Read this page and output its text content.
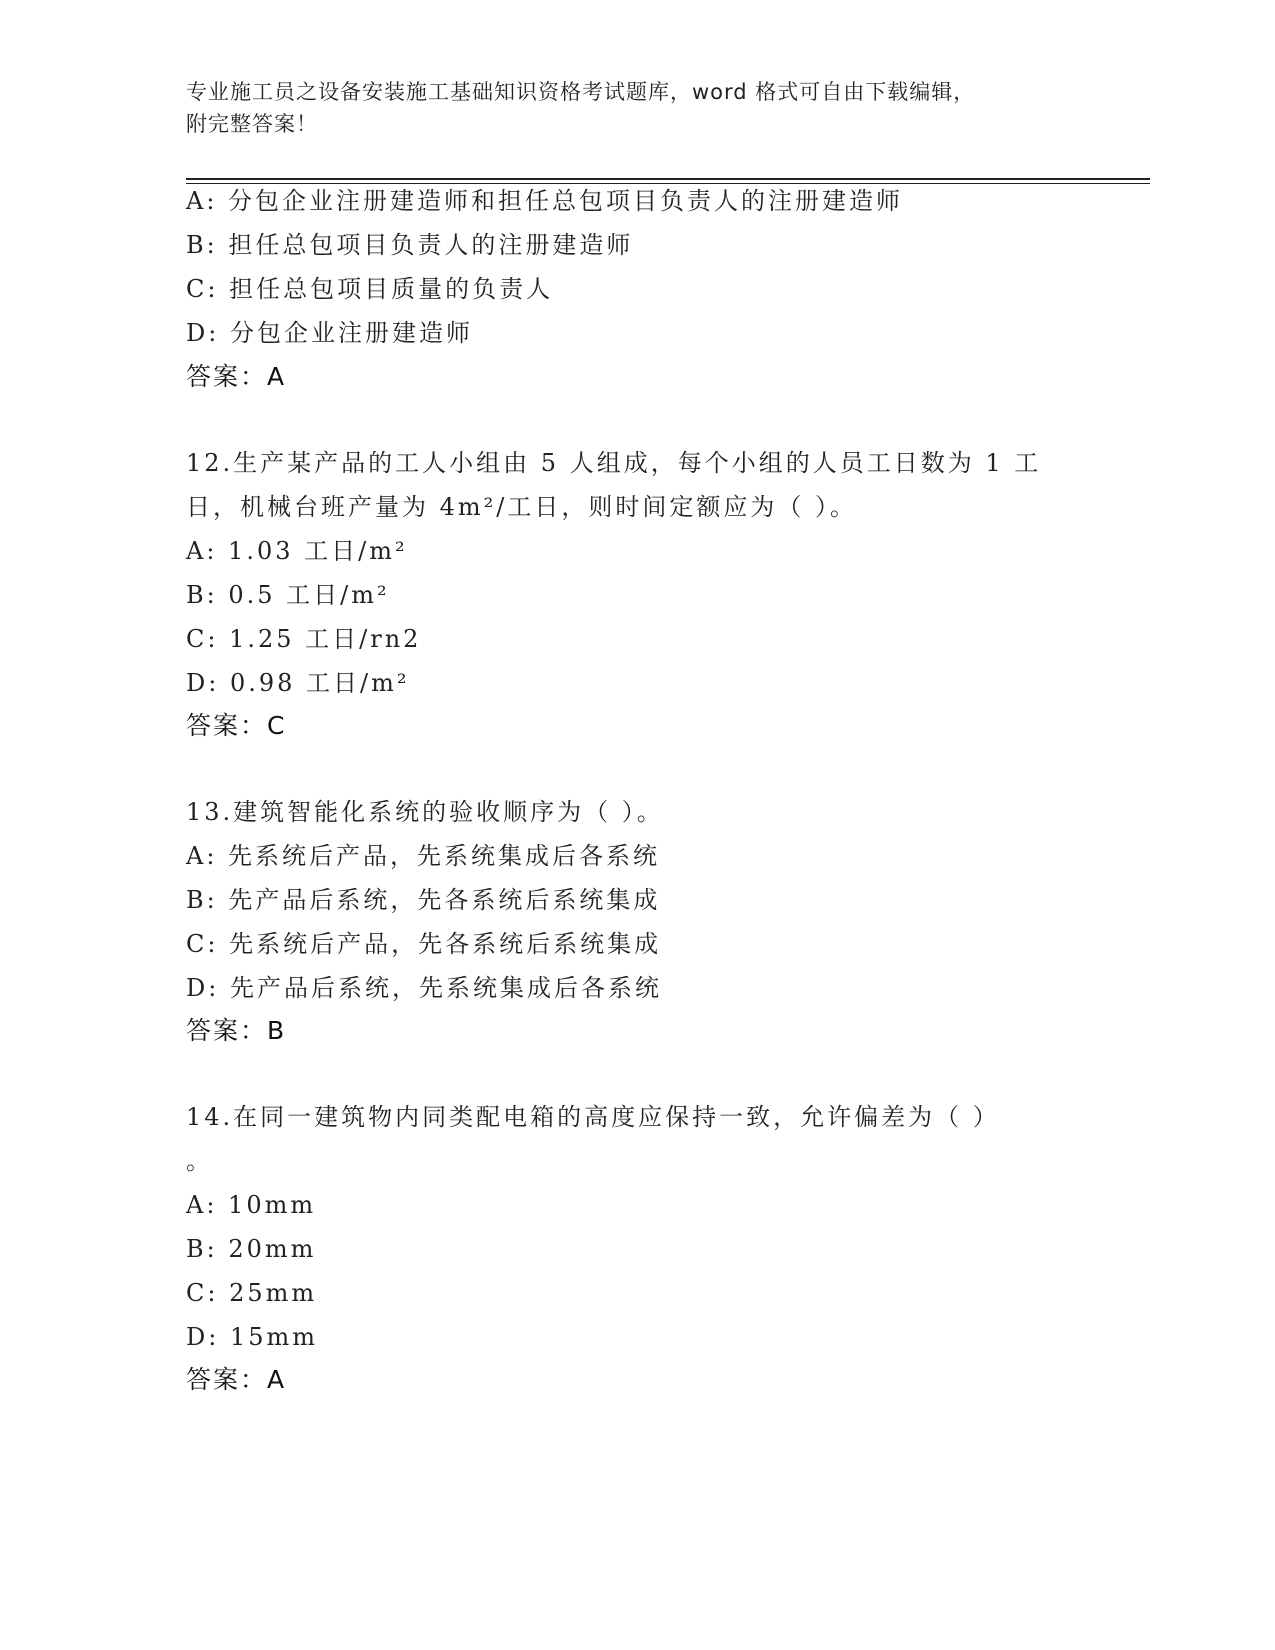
专业施工员之设备安装施工基础知识资格考试题库，word 格式可自由下载编辑，
附完整答案！
A: 分包企业注册建造师和担任总包项目负责人的注册建造师
B: 担任总包项目负责人的注册建造师
C: 担任总包项目质量的负责人
D: 分包企业注册建造师
答案：A
12.生产某产品的工人小组由 5 人组成，每个小组的人员工日数为 1 工
日，机械台班产量为 4m²/工日，则时间定额应为（ ）。
A: 1.03 工日/m²
B: 0.5 工日/m²
C: 1.25 工日/rn2
D: 0.98 工日/m²
答案：C
13.建筑智能化系统的验收顺序为（ ）。
A: 先系统后产品，先系统集成后各系统
B: 先产品后系统，先各系统后系统集成
C: 先系统后产品，先各系统后系统集成
D: 先产品后系统，先系统集成后各系统
答案：B
14.在同一建筑物内同类配电箱的高度应保持一致，允许偏差为（ ）
。
A: 10mm
B: 20mm
C: 25mm
D: 15mm
答案：A
